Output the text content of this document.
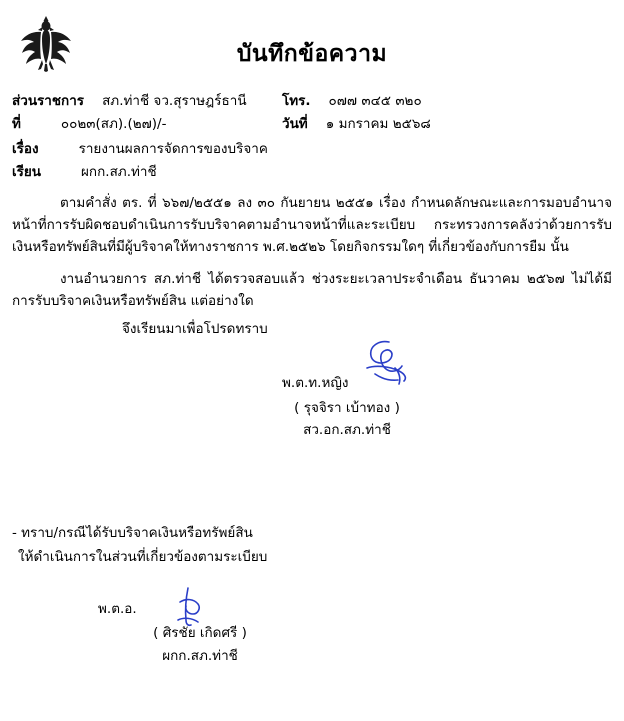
บันทึกข้อความ
ส่วนราชการ สภ.ท่าชี จว.สุราษฎร์ธานี	โทร. ๐๗๗ ๓๔๕ ๓๒๐
ที่	๐๐๒๓(สภ).(๒๗)/-	วันที่ ๑ มกราคม ๒๕๖๘
เรื่อง	รายงานผลการจัดการของบริจาค
เรียน	ผกก.สภ.ท่าชี
ตามคำสั่ง ตร. ที่ ๖๖๗/๒๕๕๑ ลง ๓๐ กันยายน ๒๕๕๑ เรื่อง กำหนดลักษณะและการมอบอำนาจหน้าที่การรับผิดชอบดำเนินการรับบริจาคตามอำนาจหน้าที่และระเบียบ กระทรวงการคลังว่าด้วยการรับเงินหรือทรัพย์สินที่มีผู้บริจาคให้ทางราชการ พ.ศ.๒๕๒๖ โดยกิจกรรมใดๆ ที่เกี่ยวข้องกับการยืม นั้น
งานอำนวยการ สภ.ท่าชี ได้ตรวจสอบแล้ว ช่วงระยะเวลาประจำเดือน ธันวาคม ๒๕๖๗ ไม่ได้มีการรับบริจาคเงินหรือทรัพย์สิน แต่อย่างใด
จึงเรียนมาเพื่อโปรดทราบ
พ.ต.ท.หญิง
( รุจจิรา เบ้าทอง )
สว.อก.สภ.ท่าชี
- ทราบ/กรณีได้รับบริจาคเงินหรือทรัพย์สิน
ให้ดำเนินการในส่วนที่เกี่ยวข้องตามระเบียบ
พ.ต.อ.
( ศิรชัย เกิดศรี )
ผกก.สภ.ท่าชี
